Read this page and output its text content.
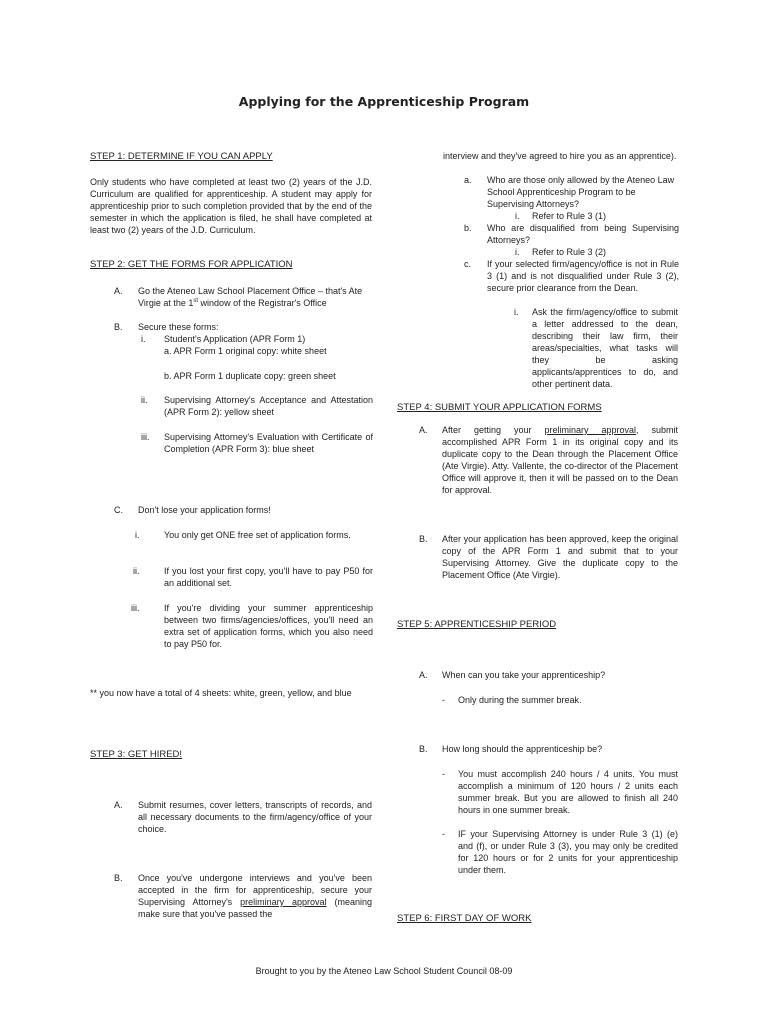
Applying for the Apprenticeship Program
STEP 1: DETERMINE IF YOU CAN APPLY
Only students who have completed at least two (2) years of the J.D. Curriculum are qualified for apprenticeship. A student may apply for apprenticeship prior to such completion provided that by the end of the semester in which the application is filed, he shall have completed at least two (2) years of the J.D. Curriculum.
STEP 2: GET THE FORMS FOR APPLICATION
A. Go the Ateneo Law School Placement Office – that's Ate Virgie at the 1st window of the Registrar's Office
B. Secure these forms:
i. Student's Application (APR Form 1)
a. APR Form 1 original copy: white sheet
b. APR Form 1 duplicate copy: green sheet
ii. Supervising Attorney's Acceptance and Attestation (APR Form 2): yellow sheet
iii. Supervising Attorney's Evaluation with Certificate of Completion (APR Form 3): blue sheet
C. Don't lose your application forms!
i.	You only get ONE free set of application forms.
ii.	If you lost your first copy, you'll have to pay P50 for an additional set.
iii.	If you're dividing your summer apprenticeship between two firms/agencies/offices, you'll need an extra set of application forms, which you also need to pay P50 for.
** you now have a total of 4 sheets: white, green, yellow, and blue
STEP 3: GET HIRED!
A. Submit resumes, cover letters, transcripts of records, and all necessary documents to the firm/agency/office of your choice.
B. Once you've undergone interviews and you've been accepted in the firm for apprenticeship, secure your Supervising Attorney's preliminary approval (meaning make sure that you've passed the
interview and they've agreed to hire you as an apprentice).
a. Who are those only allowed by the Ateneo Law School Apprenticeship Program to be Supervising Attorneys?
i. Refer to Rule 3 (1)
b. Who are disqualified from being Supervising Attorneys?
i. Refer to Rule 3 (2)
c. If your selected firm/agency/office is not in Rule 3 (1) and is not disqualified under Rule 3 (2), secure prior clearance from the Dean.
i. Ask the firm/agency/office to submit a letter addressed to the dean, describing their law firm, their areas/specialties, what tasks will they be asking applicants/apprentices to do, and other pertinent data.
STEP 4: SUBMIT YOUR APPLICATION FORMS
A. After getting your preliminary approval, submit accomplished APR Form 1 in its original copy and its duplicate copy to the Dean through the Placement Office (Ate Virgie). Atty. Vallente, the co-director of the Placement Office will approve it, then it will be passed on to the Dean for approval.
B. After your application has been approved, keep the original copy of the APR Form 1 and submit that to your Supervising Attorney. Give the duplicate copy to the Placement Office (Ate Virgie).
STEP 5: APPRENTICESHIP PERIOD
A. When can you take your apprenticeship?
- Only during the summer break.
B. How long should the apprenticeship be?
- You must accomplish 240 hours / 4 units. You must accomplish a minimum of 120 hours / 2 units each summer break. But you are allowed to finish all 240 hours in one summer break.
- IF your Supervising Attorney is under Rule 3 (1) (e) and (f), or under Rule 3 (3), you may only be credited for 120 hours or for 2 units for your apprenticeship under them.
STEP 6: FIRST DAY OF WORK
Brought to you by the Ateneo Law School Student Council 08-09
